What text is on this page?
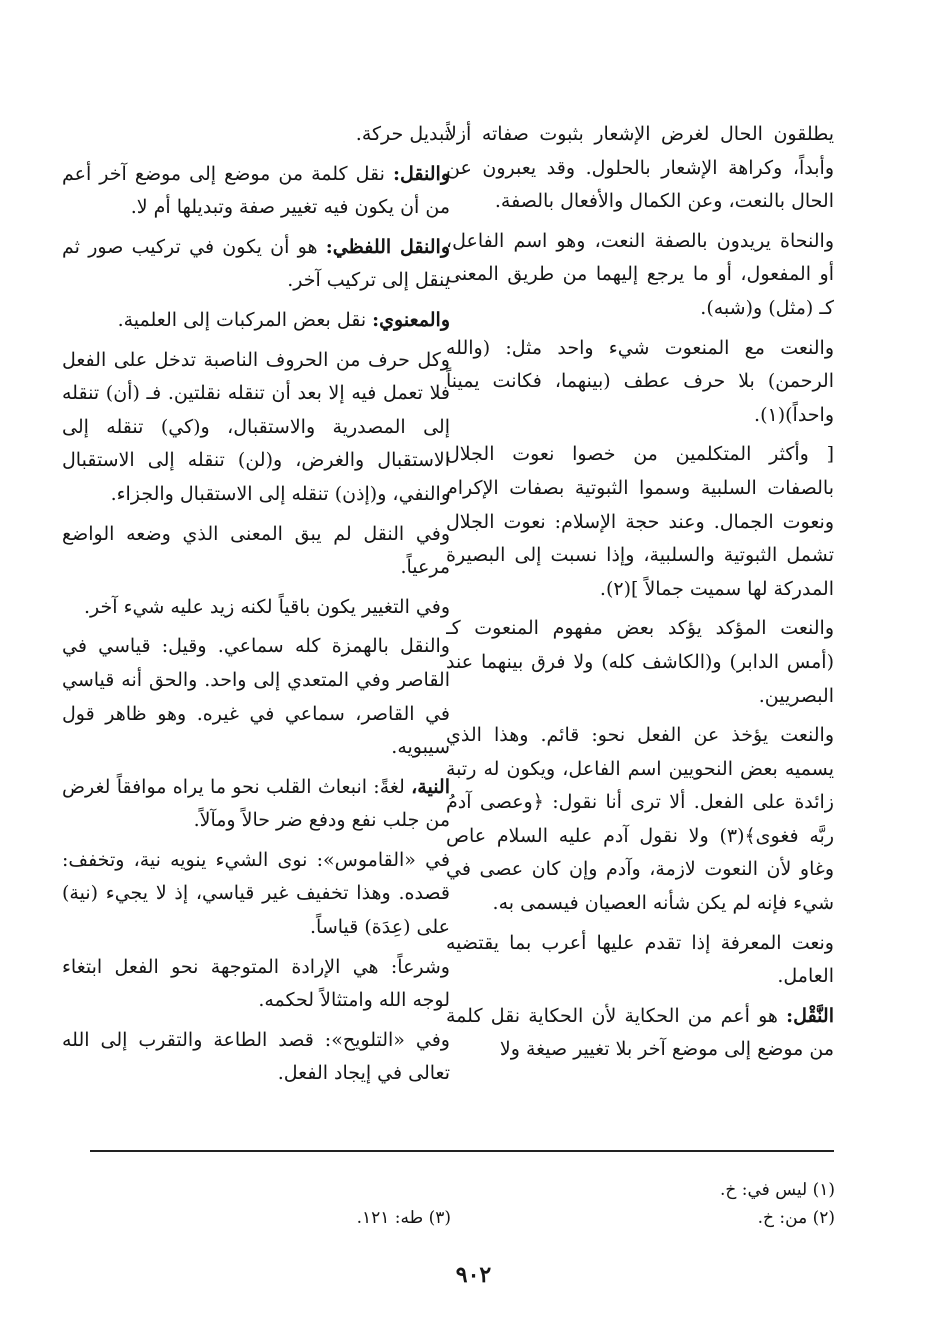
يطلقون الحال لغرض الإشعار بثبوت صفاته أزلاً وأبداً، وكراهة الإشعار بالحلول. وقد يعبرون عن الحال بالنعت، وعن الكمال والأفعال بالصفة.

والنحاة يريدون بالصفة النعت، وهو اسم الفاعل، أو المفعول، أو ما يرجع إليهما من طريق المعنى كـ (مثل) و(شبه).

والنعت مع المنعوت شيء واحد مثل: (والله الرحمن) بلا حرف عطف (بينهما، فكانت يميناً واحداً)(١).

[ وأكثر المتكلمين من خصوا نعوت الجلال بالصفات السلبية وسموا الثبوتية بصفات الإكرام ونعوت الجمال. وعند حجة الإسلام: نعوت الجلال تشمل الثبوتية والسلبية، وإذا نسبت إلى البصيرة المدركة لها سميت جمالاً ](٢).

والنعت المؤكد يؤكد بعض مفهوم المنعوت كـ (أمس الدابر) و(الكاشف كله) ولا فرق بينهما عند البصريين.

والنعت يؤخذ عن الفعل نحو: قائم. وهذا الذي يسميه بعض النحويين اسم الفاعل، ويكون له رتبة زائدة على الفعل. ألا ترى أنا نقول: ﴿وعصى آدمُ ربَّه فغوى﴾(٣) ولا نقول آدم عليه السلام عاص وغاو لأن النعوت لازمة، وآدم وإن كان عصى في شيء فإنه لم يكن شأنه العصيان فيسمى به.

ونعت المعرفة إذا تقدم عليها أعرب بما يقتضيه العامل.

النَّقْل: هو أعم من الحكاية لأن الحكاية نقل كلمة من موضع إلى موضع آخر بلا تغيير صيغة ولا

تبديل حركة.

والنقل: نقل كلمة من موضع إلى موضع آخر أعم من أن يكون فيه تغيير صفة وتبديلها أم لا.

والنقل اللفظي: هو أن يكون في تركيب صور ثم ينقل إلى تركيب آخر.

والمعنوي: نقل بعض المركبات إلى العلمية.

وكل حرف من الحروف الناصبة تدخل على الفعل فلا تعمل فيه إلا بعد أن تنقله نقلتين. فـ (أن) تنقله إلى المصدرية والاستقبال، و(كي) تنقله إلى الاستقبال والغرض، و(لن) تنقله إلى الاستقبال والنفي، و(إذن) تنقله إلى الاستقبال والجزاء.

وفي النقل لم يبق المعنى الذي وضعه الواضع مرعياً.

وفي التغيير يكون باقياً لكنه زيد عليه شيء آخر.

والنقل بالهمزة كله سماعي. وقيل: قياسي في القاصر وفي المتعدي إلى واحد. والحق أنه قياسي في القاصر، سماعي في غيره. وهو ظاهر قول سيبويه.

النية، لغةً: انبعاث القلب نحو ما يراه موافقاً لغرض من جلب نفع ودفع ضر حالاً ومآلاً.

في «القاموس»: نوى الشيء ينويه نية، وتخفف: قصده. وهذا تخفيف غير قياسي، إذ لا يجيء (نية) على (عِدَة) قياساً.

وشرعاً: هي الإرادة المتوجهة نحو الفعل ابتغاء لوجه الله وامتثالاً لحكمه.

وفي «التلويح»: قصد الطاعة والتقرب إلى الله تعالى في إيجاد الفعل.

(١) ليس في: خ.
(٢) من: خ.
(٣) طه: ١٢١.
٩٠٢
